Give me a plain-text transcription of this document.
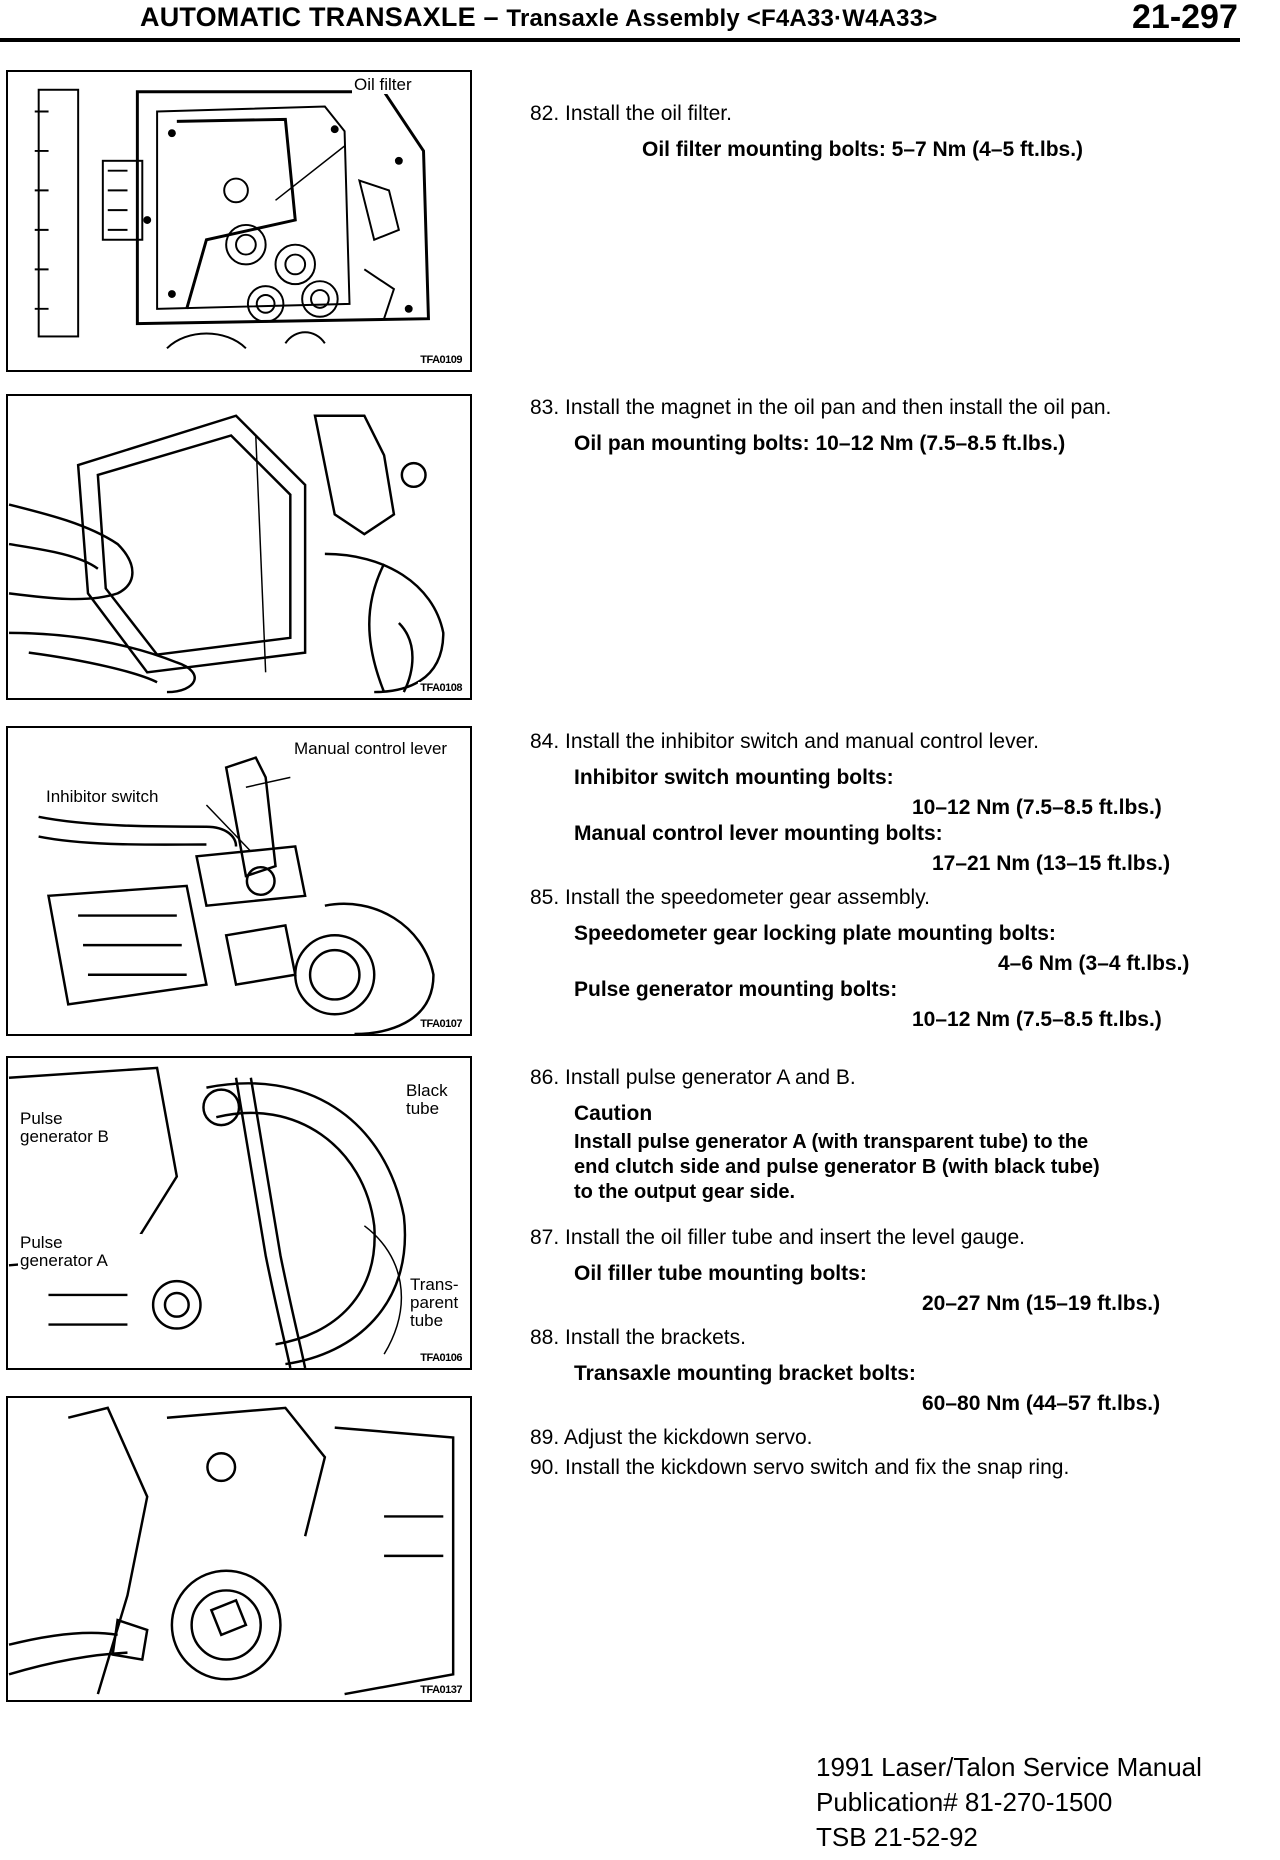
AUTOMATIC TRANSAXLE – Transaxle Assembly <F4A33·W4A33>	21-297
Oil filter
TFA0109
TFA0108
Manual control lever
Inhibitor switch
TFA0107
Pulse generator B
Black tube
Pulse generator A
Trans-parent tube
TFA0106
TFA0137
82. Install the oil filter.
Oil filter mounting bolts: 5–7 Nm (4–5 ft.lbs.)
83. Install the magnet in the oil pan and then install the oil pan.
Oil pan mounting bolts: 10–12 Nm (7.5–8.5 ft.lbs.)
84. Install the inhibitor switch and manual control lever.
Inhibitor switch mounting bolts:
10–12 Nm (7.5–8.5 ft.lbs.)
Manual control lever mounting bolts:
17–21 Nm (13–15 ft.lbs.)
85. Install the speedometer gear assembly.
Speedometer gear locking plate mounting bolts:
4–6 Nm (3–4 ft.lbs.)
Pulse generator mounting bolts:
10–12 Nm (7.5–8.5 ft.lbs.)
86. Install pulse generator A and B.
Caution
Install pulse generator A (with transparent tube) to the
end clutch side and pulse generator B (with black tube)
to the output gear side.
87. Install the oil filler tube and insert the level gauge.
Oil filler tube mounting bolts:
20–27 Nm (15–19 ft.lbs.)
88. Install the brackets.
Transaxle mounting bracket bolts:
60–80 Nm (44–57 ft.lbs.)
89. Adjust the kickdown servo.
90. Install the kickdown servo switch and fix the snap ring.
1991 Laser/Talon Service Manual
Publication# 81-270-1500
TSB 21-52-92
